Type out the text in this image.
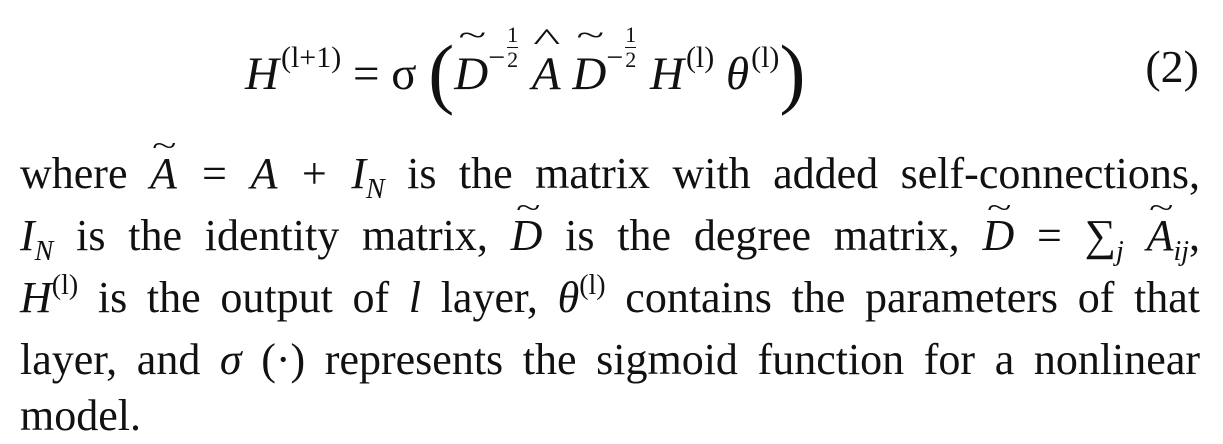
$H^{(l+1)} = \sigma$ (~ $D^- \frac{1}{2}$
^ A ~ $D^- \frac{1}{2}$
$H^{(l)}$ $\theta^{(l)}$)	(2)
where ~ $A = A + I_N$ is the matrix with added self-connections,
$I_N$ is the identity matrix, ~ D is the degree matrix, ~ $D = \sum_j$ ~ $A_{ij}$,
$H^{(l)}$ is the output of l layer, $\theta^{(l)}$ contains the parameters of that
layer, and σ (·) represents the sigmoid function for a nonlinear
model.
